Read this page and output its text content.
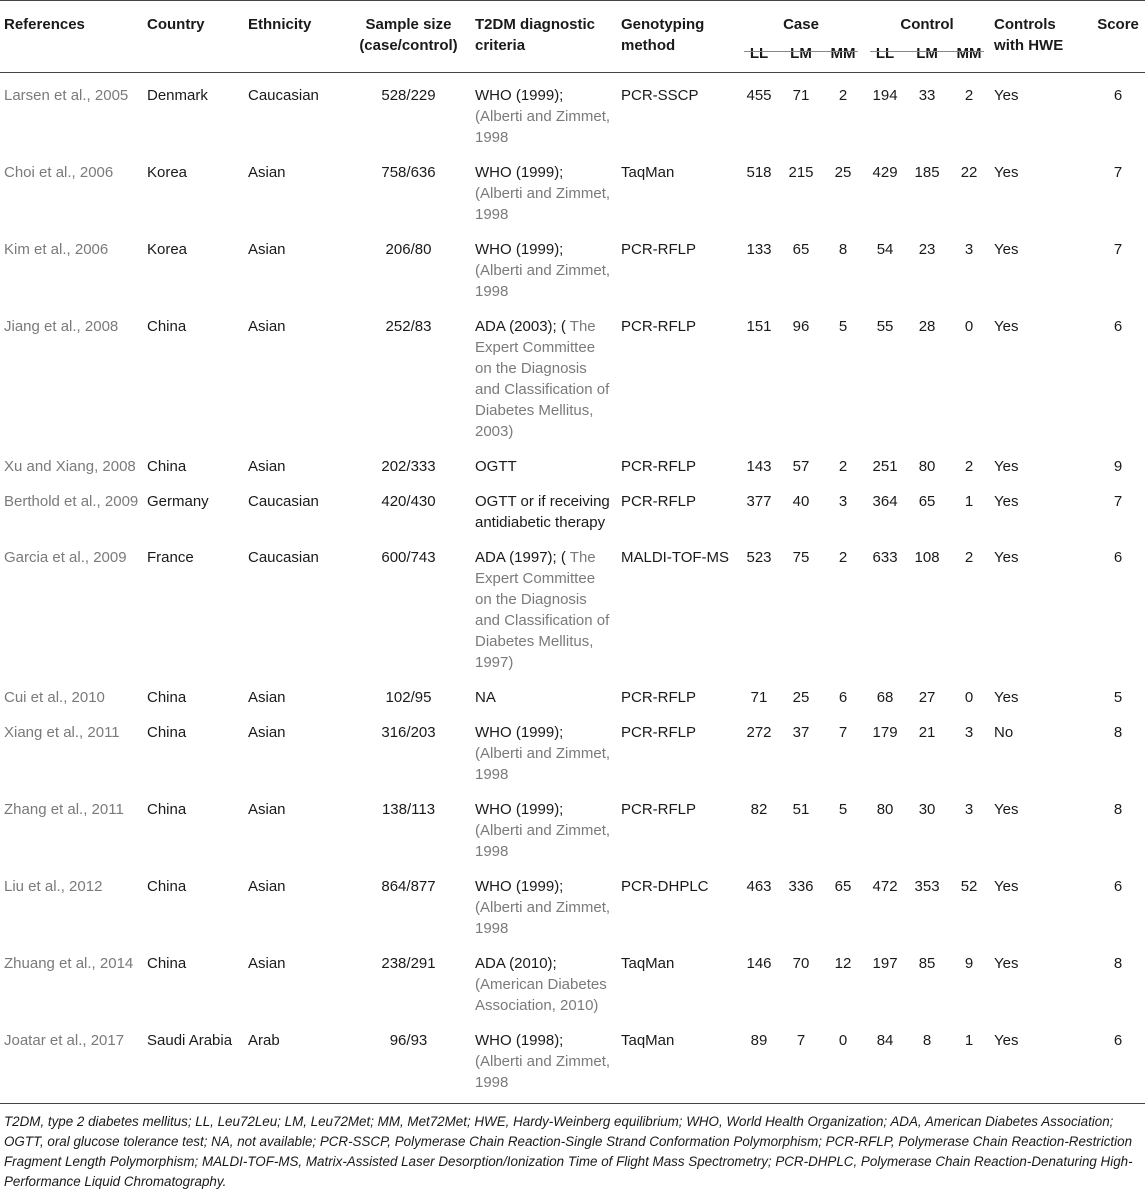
References	Country	Ethnicity	Sample size (case/control)	T2DM diagnostic criteria	Genotyping method	Case			Control			Controls with HWE	Score
						LL	LM	MM	LL	LM	MM		
Larsen et al., 2005	Denmark	Caucasian	528/229	WHO (1999); (Alberti and Zimmet, 1998	PCR-SSCP	455	71	2	194	33	2	Yes	6
Choi et al., 2006	Korea	Asian	758/636	WHO (1999); (Alberti and Zimmet, 1998	TaqMan	518	215	25	429	185	22	Yes	7
Kim et al., 2006	Korea	Asian	206/80	WHO (1999); (Alberti and Zimmet, 1998	PCR-RFLP	133	65	8	54	23	3	Yes	7
Jiang et al., 2008	China	Asian	252/83	ADA (2003); ( The Expert Committee on the Diagnosis and Classification of Diabetes Mellitus, 2003)	PCR-RFLP	151	96	5	55	28	0	Yes	6
Xu and Xiang, 2008	China	Asian	202/333	OGTT	PCR-RFLP	143	57	2	251	80	2	Yes	9
Berthold et al., 2009	Germany	Caucasian	420/430	OGTT or if receiving antidiabetic therapy	PCR-RFLP	377	40	3	364	65	1	Yes	7
Garcia et al., 2009	France	Caucasian	600/743	ADA (1997); ( The Expert Committee on the Diagnosis and Classification of Diabetes Mellitus, 1997)	MALDI-TOF-MS	523	75	2	633	108	2	Yes	6
Cui et al., 2010	China	Asian	102/95	NA	PCR-RFLP	71	25	6	68	27	0	Yes	5
Xiang et al., 2011	China	Asian	316/203	WHO (1999); (Alberti and Zimmet, 1998	PCR-RFLP	272	37	7	179	21	3	No	8
Zhang et al., 2011	China	Asian	138/113	WHO (1999); (Alberti and Zimmet, 1998	PCR-RFLP	82	51	5	80	30	3	Yes	8
Liu et al., 2012	China	Asian	864/877	WHO (1999); (Alberti and Zimmet, 1998	PCR-DHPLC	463	336	65	472	353	52	Yes	6
Zhuang et al., 2014	China	Asian	238/291	ADA (2010); (American Diabetes Association, 2010)	TaqMan	146	70	12	197	85	9	Yes	8
Joatar et al., 2017	Saudi Arabia	Arab	96/93	WHO (1998); (Alberti and Zimmet, 1998	TaqMan	89	7	0	84	8	1	Yes	6

T2DM, type 2 diabetes mellitus; LL, Leu72Leu; LM, Leu72Met; MM, Met72Met; HWE, Hardy-Weinberg equilibrium; WHO, World Health Organization; ADA, American Diabetes Association; OGTT, oral glucose tolerance test; NA, not available; PCR-SSCP, Polymerase Chain Reaction-Single Strand Conformation Polymorphism; PCR-RFLP, Polymerase Chain Reaction-Restriction Fragment Length Polymorphism; MALDI-TOF-MS, Matrix-Assisted Laser Desorption/Ionization Time of Flight Mass Spectrometry; PCR-DHPLC, Polymerase Chain Reaction-Denaturing High-Performance Liquid Chromatography.
